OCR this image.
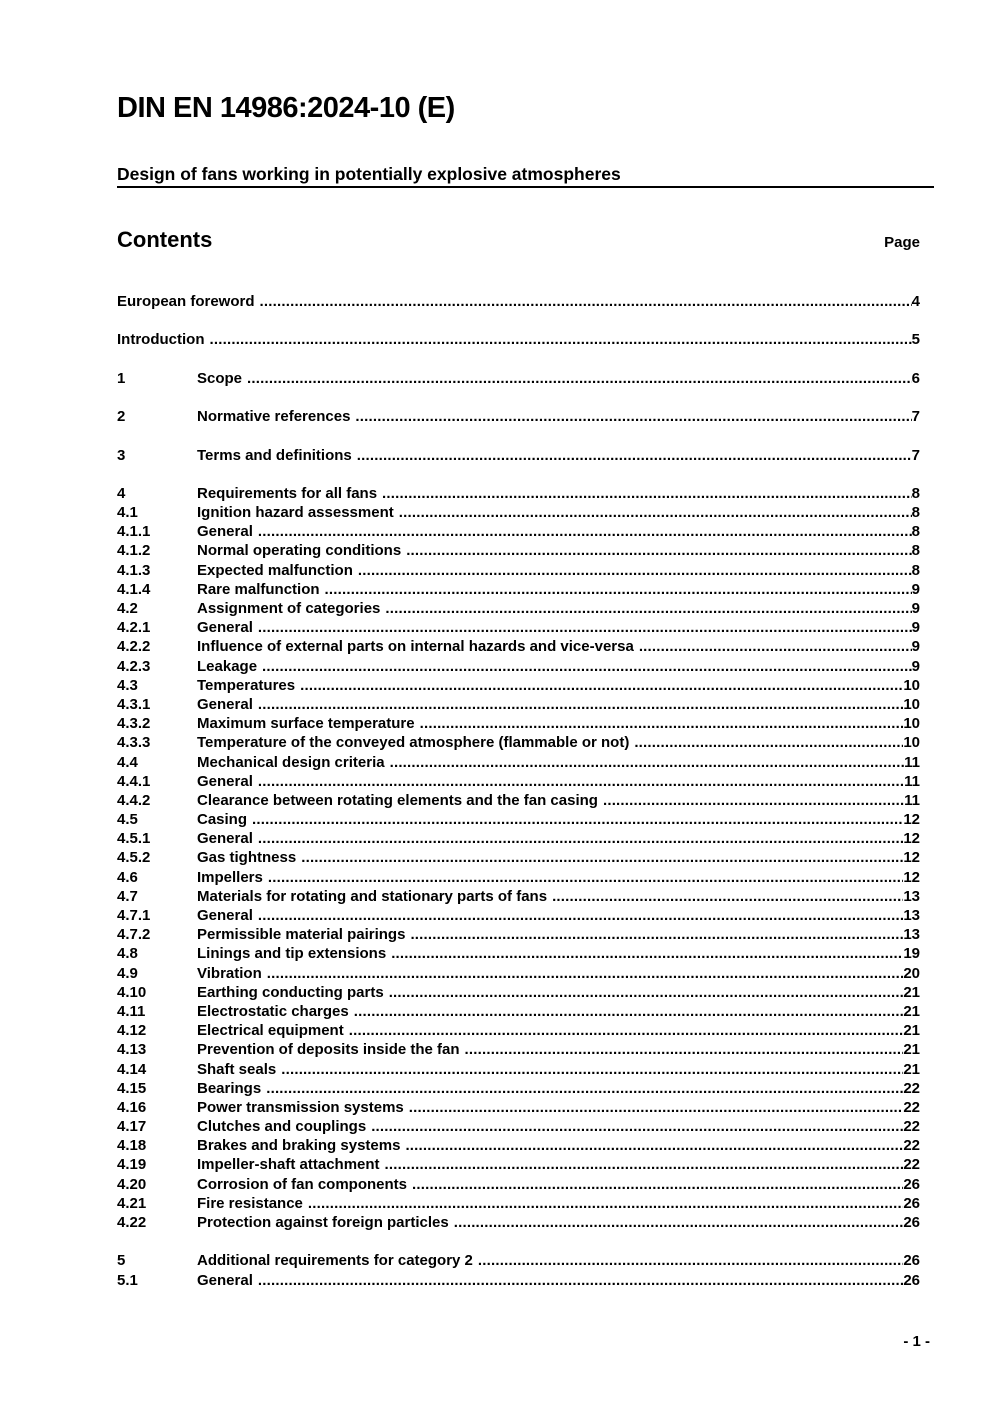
DIN EN 14986:2024-10 (E)
Design of fans working in potentially explosive atmospheres
Contents	Page
European foreword .....	4
Introduction .....	5
1	Scope .....	6
2	Normative references .....	7
3	Terms and definitions .....	7
4	Requirements for all fans .....	8
4.1	Ignition hazard assessment .....	8
4.1.1	General .....	8
4.1.2	Normal operating conditions .....	8
4.1.3	Expected malfunction .....	8
4.1.4	Rare malfunction .....	9
4.2	Assignment of categories .....	9
4.2.1	General .....	9
4.2.2	Influence of external parts on internal hazards and vice-versa .....	9
4.2.3	Leakage .....	9
4.3	Temperatures .....	10
4.3.1	General .....	10
4.3.2	Maximum surface temperature .....	10
4.3.3	Temperature of the conveyed atmosphere (flammable or not) .....	10
4.4	Mechanical design criteria .....	11
4.4.1	General .....	11
4.4.2	Clearance between rotating elements and the fan casing .....	11
4.5	Casing .....	12
4.5.1	General .....	12
4.5.2	Gas tightness .....	12
4.6	Impellers .....	12
4.7	Materials for rotating and stationary parts of fans .....	13
4.7.1	General .....	13
4.7.2	Permissible material pairings .....	13
4.8	Linings and tip extensions .....	19
4.9	Vibration .....	20
4.10	Earthing conducting parts .....	21
4.11	Electrostatic charges .....	21
4.12	Electrical equipment .....	21
4.13	Prevention of deposits inside the fan .....	21
4.14	Shaft seals .....	21
4.15	Bearings .....	22
4.16	Power transmission systems .....	22
4.17	Clutches and couplings .....	22
4.18	Brakes and braking systems .....	22
4.19	Impeller-shaft attachment .....	22
4.20	Corrosion of fan components .....	26
4.21	Fire resistance .....	26
4.22	Protection against foreign particles .....	26
5	Additional requirements for category 2 .....	26
5.1	General .....	26
- 1 -
